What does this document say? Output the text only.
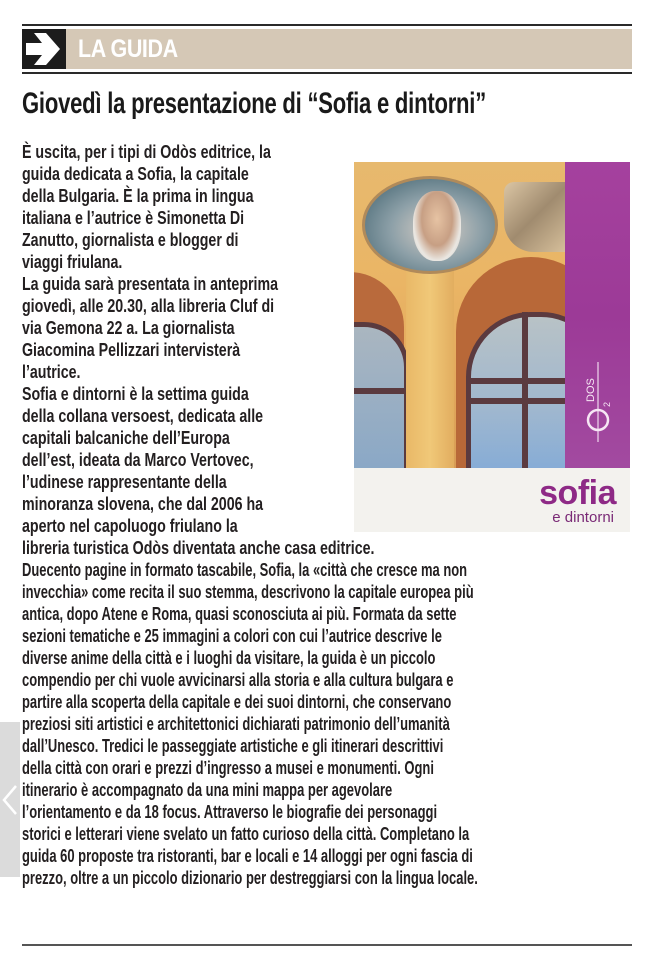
LA GUIDA
Giovedì la presentazione di “Sofia e dintorni”
È uscita, per i tipi di Odòs editrice, la
guida dedicata a Sofia, la capitale
della Bulgaria. È la prima in lingua
italiana e l’autrice è Simonetta Di
Zanutto, giornalista e blogger di
viaggi friulana.
La guida sarà presentata in anteprima
giovedì, alle 20.30, alla libreria Cluf di
via Gemona 22 a. La giornalista
Giacomina Pellizzari intervisterà
l’autrice.
Sofia e dintorni è la settima guida
della collana versoest, dedicata alle
capitali balcaniche dell’Europa
dell’est, ideata da Marco Vertovec,
l’udinese rappresentante della
minoranza slovena, che dal 2006 ha
aperto nel capoluogo friulano la
libreria turistica Odòs diventata anche casa editrice.
Duecento pagine in formato tascabile, Sofia, la «città che cresce ma non
invecchia» come recita il suo stemma, descrivono la capitale europea più
antica, dopo Atene e Roma, quasi sconosciuta ai più. Formata da sette
sezioni tematiche e 25 immagini a colori con cui l’autrice descrive le
diverse anime della città e i luoghi da visitare, la guida è un piccolo
compendio per chi vuole avvicinarsi alla storia e alla cultura bulgara e
partire alla scoperta della capitale e dei suoi dintorni, che conservano
preziosi siti artistici e architettonici dichiarati patrimonio dell’umanità
dall’Unesco. Tredici le passeggiate artistiche e gli itinerari descrittivi
della città con orari e prezzi d’ingresso a musei e monumenti. Ogni
itinerario è accompagnato da una mini mappa per agevolare
l’orientamento e da 18 focus. Attraverso le biografie dei personaggi
storici e letterari viene svelato un fatto curioso della città. Completano la
guida 60 proposte tra ristoranti, bar e locali e 14 alloggi per ogni fascia di
prezzo, oltre a un piccolo dizionario per destreggiarsi con la lingua locale.
DOS
2
sofia
e dintorni
